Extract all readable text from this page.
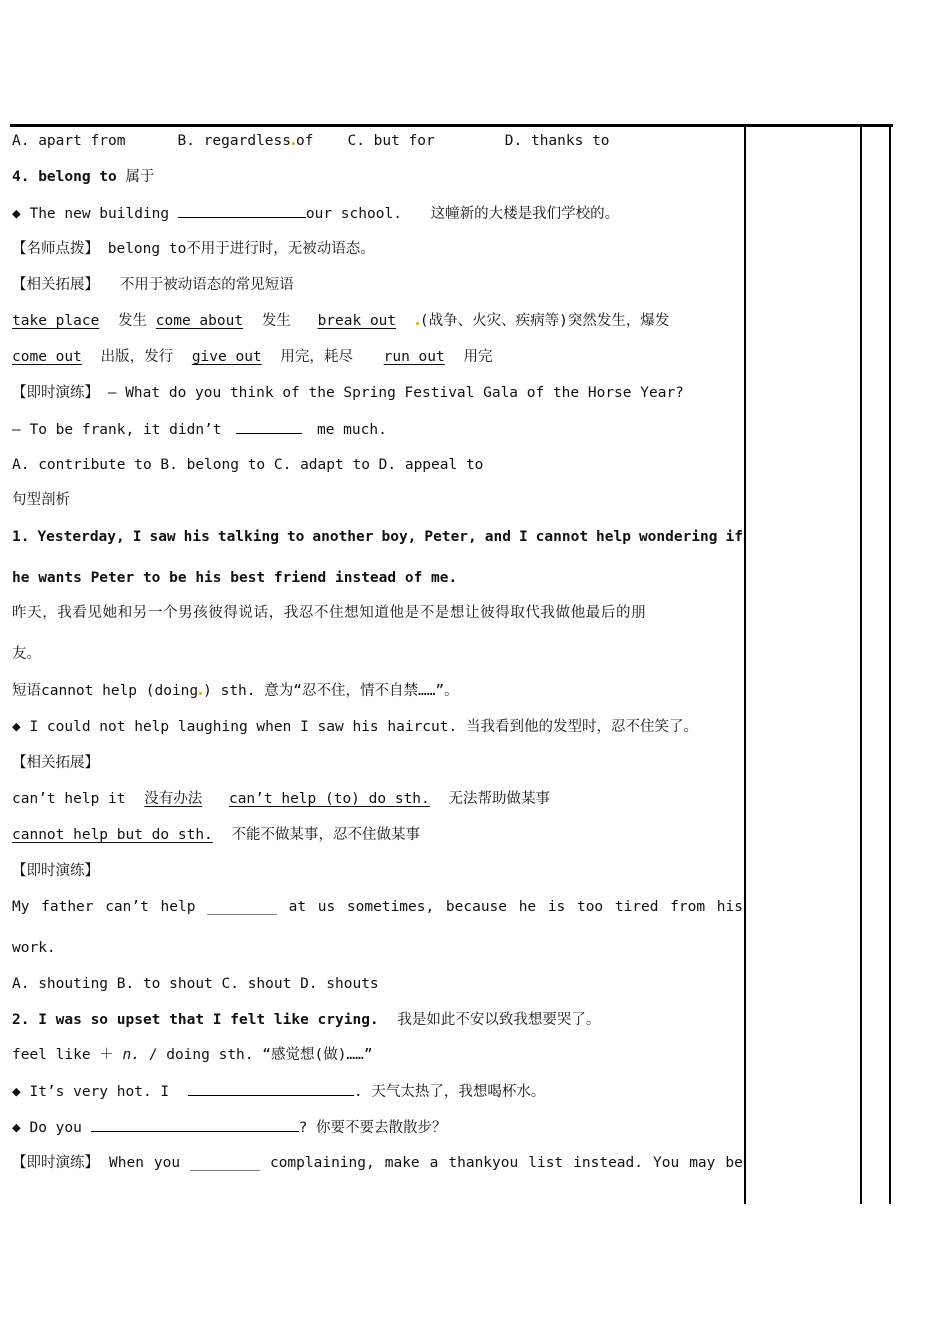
A. apart from	B. regardless of C. but for	D. thanks to
4. belong to 属于
◆ The new building	our school. 这幢新的大楼是我们学校的。
【名师点拨】 belong to不用于进行时，无被动语态。
【相关拓展】 不用于被动语态的常见短语
take place 发生 come about 发生 break out (战争、火灾、疾病等)突然发生，爆发
come out 出版，发行 give out 用完，耗尽 run out 用完
【即时演练】 — What do you think of the Spring Festival Gala of the Horse Year?
— To be frank, it didn’t	me much.
A. contribute to B. belong to C. adapt to D. appeal to
句型剖析
1. Yesterday, I saw his talking to another boy, Peter, and I cannot help wondering if
he wants Peter to be his best friend instead of me.
昨天，我看见她和另一个男孩彼得说话，我忍不住想知道他是不是想让彼得取代我做他最后的朋
友。
短语cannot help (doing ) sth. 意为“忍不住，情不自禁……”。
◆ I could not help laughing when I saw his haircut. 当我看到他的发型时，忍不住笑了。
【相关拓展】
can’t help it 没有办法 can’t help (to) do sth. 无法帮助做某事
cannot help but do sth. 不能不做某事，忍不住做某事
【即时演练】
My father can’t help ________ at us sometimes, because he is too tired from his
work.
A. shouting B. to shout C. shout D. shouts
2. I was so upset that I felt like crying. 我是如此不安以致我想要哭了。
feel like ＋ n. / doing sth. “感觉想(做)……”
◆ It’s very hot. I	. 天气太热了，我想喝杯水。
◆ Do you	? 你要不要去散散步？
【即时演练】 When you ________ complaining, make a thankyou list instead. You may be
